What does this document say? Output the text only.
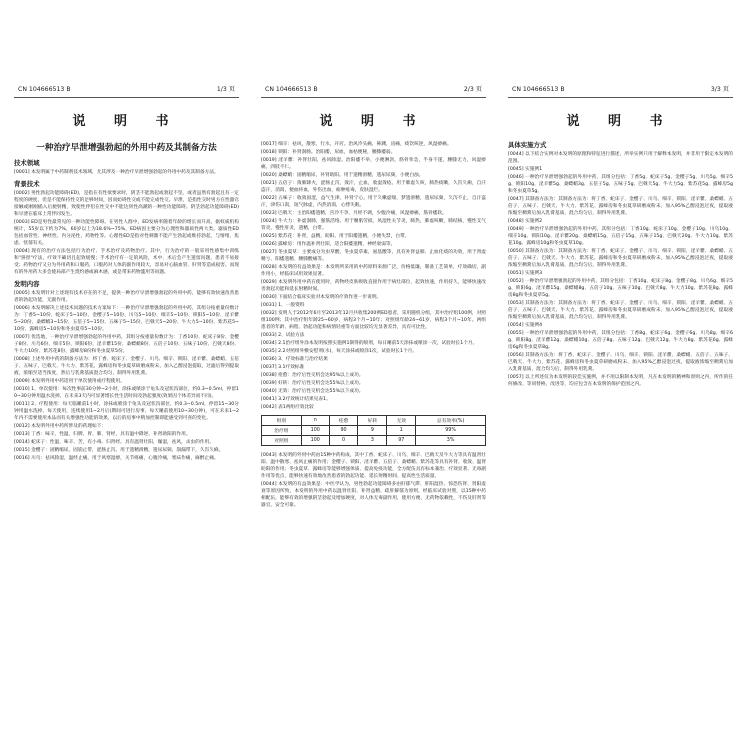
CN 104666513 B	1/3 页
说 明 书
一种治疗早泄增强勃起的外用中药及其制备方法
技术领域
[0001] 本发明属于中药制剂技术领域，尤其涉及一种治疗早泄增强勃起的外用中药及其制备方法。
背景技术
[0002] 男性勃起功能障碍(ED)，是指在有性欲要求时，阴茎不能勃起或勃起不坚，或者虽然有勃起且有一定程度的硬度，但是不能保持性交的足够时间，因而妨碍性交或不能完成性交。早泄，是指性交时男方在性器官接触或刚刚插入后便射精，致使性伴侣在性交中不能达到性高潮的一种性功能障碍。阴茎勃起功能障碍(ED)和早泄在临床上常伴同发生。
[0003] ED是男性最常见的一种功能性障碍。在男性人群中，ED发病率随着年龄的增长而升高，据权威机构统计，55岁以下约为7%，60岁以上为18.6%~75%，ED病因主要分为心理性和器质性两大类。器质性ED包括血管性、神经性、内分泌性、药物性等。心理性ED是指对性刺激不能产生勃起或维持勃起，与情绪、焦虑、忧郁有关。
[0004] 现有的治疗方法包括行为治疗、手术治疗及药物治疗。其中，行为治疗的一般采用性感集中训练和"挤捏"疗法，疗效不确切且起效缓慢；手术治疗有一定的风险，术中、术后会产生遗留问题，患者不易接受；药物治疗又分为外用药和口服药，口服药对人体的副作用较大，容易对心脑血管、肝肾等造成损害。而现有的外用药大多会使局部产生烧灼感或麻木感，或是带来药物滥用等问题。
发明内容
[0005] 本发明针对上述现有技术存在的不足，提供一种治疗早泄增强勃起的外用中药，能够有效快速改善患者的勃起功能，无副作用。
[0006] 本发明解决上述技术问题的技术方案如下：一种治疗早泄增强勃起的外用中药，其组分按重量份数计为：丁香5~10份、蛇床子5~10份、金樱子5~10份、川乌5~10份、细辛5~10份、锁阳5~10份、淫羊藿5~20份、桑螵蛸3~15份、五倍子5~15份、五味子5~15份、巴戟天5~20份、牛大力5~10份、紫苏花5~10份、露蜂房5~10份和冬虫夏草5~10份。
[0007] 优选地，一种治疗早泄增强勃起的外用中药，其组分按重量份数计为：丁香10份、蛇床子8份、金樱子8份、川乌6份、细辛5份、锁阳6份、淫羊藿15份、桑螵蛸8份、五倍子10份、五味子10份、巴戟天8份、牛大力10份、紫苏花8份、露蜂房8份和冬虫夏草5份。
[0008] 上述外用中药的制备方法为：将丁香、蛇床子、金樱子、川乌、细辛、锁阳、淫羊藿、桑螵蛸、五倍子、五味子、巴戟天、牛大力、紫苏花、露蜂房和冬虫夏草研磨成粉末，加入乙醇浸泡提取，过滤后得到提取液，浓缩至适当浓度，然后与乳膏基质混合均匀，制得外用乳膏。
[0009] 本发明外用中药适用于单次使用或疗程使用。
[0010] 1、单次使用：每次性事前30分钟~2小时，涂抹或喷涂于龟头及冠状沟部位，约0.3~0.5ml，停留10~30分钟用温水洗掉，在未来3天内可显著增长性生活时间及勃起强度(效果因个体差异而不同)。
[0011] 2、疗程使用：每天临睡前1小时，涂抹或喷涂于龟头及冠状沟部位，约0.3~0.5ml，停留15~30分钟用温水洗掉，每天使用，连续使用1~2月后(期间可进行房事，每天睡前使用10~30分钟)，可在未来1~2年内不需要使用本品而有关增强性功能的效果，以后的房事中稍加控制即能感受到可喜的变化。
[0012] 本发明外用中药所涉及的药理如下：
[0013] 丁香：味辛，性温，归脾、胃、肺、肾经，具有温中降逆、补肾助阳的作用。
[0014] 蛇床子：性温，味辛、苦，有小毒。归肾经。具有温肾壮阳，燥湿，祛风，杀虫的作用。
[0015] 金樱子：固精缩尿，固崩止带，涩肠止泻。用于遗精滑精，遗尿尿频，崩漏带下，久泻久痢。
[0016] 川乌：祛风除湿，温经止痛。用于风寒湿痹，关节疼痛，心腹冷痛，寒疝作痛，麻醉止痛。
CN 104666513 B	2/3 页
说 明 书
[0017] 细辛：祛风，散寒，行水，开窍。治风冷头痛，鼻渊，齿痛，痰饮咳逆，风湿痹痛。
[0018] 锁阳：补肾润肠。治阳痿，尿血，血枯便秘，腰膝痿弱。
[0019] 淫羊藿：补肾壮阳，祛风除湿。治阳痿不举，小便淋沥，筋骨挛急，半身不遂，腰膝无力，风湿痹痛，四肢不仁。
[0020] 桑螵蛸：固精缩尿，补肾助阳。用于遗精滑精，遗尿尿频，小便白浊。
[0021] 五倍子：敛肺降火，涩肠止泻，敛汗，止血，收湿敛疮。用于肺虚久咳，肺热痰嗽，久泻久痢，自汗盗汗，消渴，便血痔血，外伤出血，痈肿疮毒，皮肤湿烂。
[0022] 五味子：收敛固涩，益气生津，补肾宁心。用于久嗽虚喘，梦遗滑精，遗尿尿频，久泻不止，自汗盗汗，津伤口渴，短气脉虚，内热消渴，心悸失眠。
[0023] 巴戟天：主治阳痿遗精，宫冷不孕，月经不调，少腹冷痛，风湿痹痛，筋骨痿软。
[0024] 牛大力：补虚润肺，强筋活络。用于腰肌劳损，风湿性关节炎，肺热，肺虚咳嗽，肺结核，慢性支气管炎，慢性肝炎，遗精，白带。
[0025] 紫苏花：补肾，益精，助阳。用于阳痿遗精，小便失禁，白带。
[0026] 露蜂房：用作温补肾壮阳，适合阳痿遗精，神经衰弱等。
[0027] 冬虫夏草：主要成分为虫草酸，冬虫夏草素，氨基酸等，具有补肾益肺、止血化痰的功效，用于肾虚精亏、阳痿遗精、腰膝酸痛等。
[0028] 本发明的有益效果是：本发明所采用的中药原料来源广泛，价格低廉，制备工艺简单，疗效确切，副作用小，经临床试用效果显著。
[0029] 本发明外用中药在使用时，药物经皮肤吸收直接作用于病灶部位，起效快速，作用持久，能够快速改善勃起功能和延长射精时间。
[0030] 下面结合临床实验对本发明的疗效作进一步说明。
[0031] 1、一般资料
[0032] 发明人于2012年6月至2013年12月共收集200例ED患者，采用随机分组，其中治疗组100例，对照组100例；其中治疗组年龄25~60岁，病程3个月~10年；对照组年龄24~61岁，病程3个月~10年。两组患者的年龄、病程、勃起功能和病情轻重等方面比较均无显著差异，具有可比性。
[0033] 2、试验方法
[0034] 2.1治疗组外涂本发明按照实施例1制得的喷剂，每日睡前5天涂抹或喷涂一次，试验时长1个月。
[0035] 2.2对照组外敷安慰剂(水)，每天涂抹或喷涂1次，试验时长1个月。
[0036] 3、疗效标准与治疗结果
[0037] 3.1疗效标准
[0038] 痊愈：治疗后性交机会达95%以上成功。
[0039] 好转：治疗后性交机会达55%以上成功。
[0040] 无效：治疗后性交机会达55%以下成功。
[0041] 3.2疗效统计结果见表1。
[0042] 表1两组疗效比较
组别	n	痊愈	好转	无效	总有效率(%)
治疗组	100	90	9	1	99%
对照组	100	0	3	97	3%
[0043] 本发明的外用中药由15种中药构成，其中丁香、蛇床子、川乌、细辛、巴戟天及牛大力等具有温肾壮阳、温中散寒、祛风止痛的作用；金樱子、锁阳、淫羊藿、五倍子、桑螵蛸、紫苏花等具有补肾、收敛、温肾助阳的作用；冬虫夏草、露蜂房等能够增强体质、提高免疫功能，全方配伍具有标本兼治、疗效显著、无毒副作用等优点，能够快速有效地改善患者的勃起功能、延长射精时间、提高性生活质量。
[0044] 本发明的有益效果是：中医学认为，男性勃起功能障碍多由肝郁气滞、肝阳湿热、惊恐伤肾、肾阳虚衰等原因所致，本发明的外用中药以温肾壮阳、补肾益精、疏肝解郁为原则，经临床试验对照，以15种中药相配伍，能够有效的增强阴茎勃起及增加硬度，对人体无毒副作用，使用方便，无药物依赖性，不伤及肝肾等器官，安全可靠。
CN 104666513 B	3/3 页
说 明 书
具体实施方式
[0044] 以下结合实例对本发明的原理和特征进行描述，所举实例只用于解释本发明，并非用于限定本发明的范围。
[0045] 实施例1
[0046] 一种治疗早泄增强勃起的外用中药，其组分包括：丁香5g、蛇床子5g、金樱子5g、川乌5g、细辛5g、锁阳10g、淫羊藿5g、桑螵蛸3g、五倍子5g、五味子5g、巴戟天5g、牛大力5g、紫苏花5g、露蜂房5g和冬虫夏草5g。
[0047] 其制备方法为：其制备方法为：将丁香、蛇床子、金樱子、川乌、细辛、锁阳、淫羊藿、桑螵蛸、五倍子、五味子、巴戟天、牛大力、紫苏花、露蜂房和冬虫夏草研磨成粉末，加入95%乙醇浸泡过夜，提取液浓缩至稠膏后加入乳膏基质，混合均匀后，制得外用乳膏。
[0048] 实施例2
[0049] 一种治疗早泄增强勃起的外用中药，其组分包括：丁香10g、蛇床子10g、金樱子10g、川乌10g、细辛10g、锁阳10g、淫羊藿20g、桑螵蛸15g、五倍子15g、五味子15g、巴戟天20g、牛大力10g、紫苏花10g、露蜂房10g和冬虫夏草10g。
[0050] 其制备方法为：其制备方法为：将丁香、蛇床子、金樱子、川乌、细辛、锁阳、淫羊藿、桑螵蛸、五倍子、五味子、巴戟天、牛大力、紫苏花、露蜂房和冬虫夏草研磨成粉末，加入95%乙醇浸泡过夜，提取液浓缩至稠膏后加入乳膏基质，混合均匀后，制得外用乳膏。
[0051] 实施例3
[0052] 一种治疗早泄增强勃起的外用中药，其组分包括：丁香10g、蛇床子8g、金樱子8g、川乌6g、细辛5g、锁阳6g、淫羊藿15g、桑螵蛸8g、五倍子10g、五味子10g、巴戟天8g、牛大力10g、紫苏花8g、露蜂房8g和冬虫夏草5g。
[0053] 其制备方法为：其制备方法为：将丁香、蛇床子、金樱子、川乌、细辛、锁阳、淫羊藿、桑螵蛸、五倍子、五味子、巴戟天、牛大力、紫苏花、露蜂房和冬虫夏草研磨成粉末，加入95%乙醇浸泡过夜，提取液浓缩至稠膏后加入乳膏基质，混合均匀后，制得外用乳膏。
[0054] 实施例4
[0055] 一种治疗早泄增强勃起的外用中药，其组分包括：丁香8g、蛇床子6g、金樱子6g、川乌8g、细辛6g、锁阳8g、淫羊藿12g、桑螵蛸10g、五倍子8g、五味子12g、巴戟天12g、牛大力8g、紫苏花6g、露蜂房6g和冬虫夏草8g。
[0056] 其制备方法为：将丁香、蛇床子、金樱子、川乌、细辛、锁阳、淫羊藿、桑螵蛸、五倍子、五味子、巴戟天、牛大力、紫苏花、露蜂房和冬虫夏草研磨成粉末，加入95%乙醇浸泡过夜，提取液浓缩至稠膏后加入乳膏基质，混合均匀后，制得外用乳膏。
[0057] 以上所述仅为本发明的较佳实施例，并不用以限制本发明，凡在本发明的精神和原则之内，所作的任何修改、等同替换、改进等，均应包含在本发明的保护范围之内。
